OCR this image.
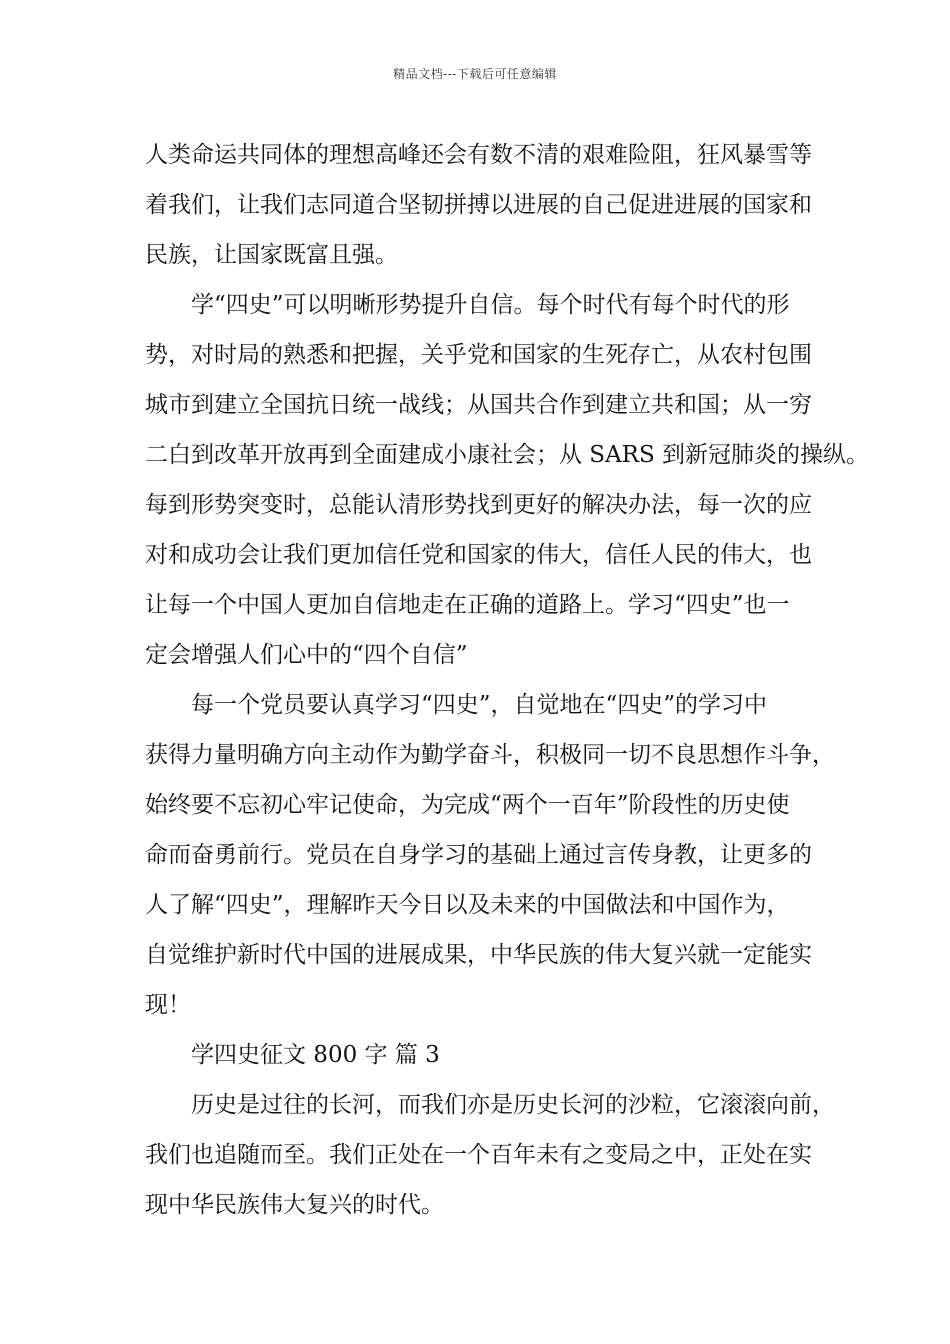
精品文档---下载后可任意编辑
人类命运共同体的理想高峰还会有数不清的艰难险阻，狂风暴雪等
着我们，让我们志同道合坚韧拼搏以进展的自己促进进展的国家和
民族，让国家既富且强。
学“四史”可以明晰形势提升自信。每个时代有每个时代的形
势，对时局的熟悉和把握，关乎党和国家的生死存亡，从农村包围
城市到建立全国抗日统一战线；从国共合作到建立共和国；从一穷
二白到改革开放再到全面建成小康社会；从 SARS 到新冠肺炎的操纵。
每到形势突变时，总能认清形势找到更好的解决办法，每一次的应
对和成功会让我们更加信任党和国家的伟大，信任人民的伟大，也
让每一个中国人更加自信地走在正确的道路上。学习“四史”也一
定会增强人们心中的“四个自信”
每一个党员要认真学习“四史”，自觉地在“四史”的学习中
获得力量明确方向主动作为勤学奋斗，积极同一切不良思想作斗争，
始终要不忘初心牢记使命，为完成“两个一百年”阶段性的历史使
命而奋勇前行。党员在自身学习的基础上通过言传身教，让更多的
人了解“四史”，理解昨天今日以及未来的中国做法和中国作为，
自觉维护新时代中国的进展成果，中华民族的伟大复兴就一定能实
现！
学四史征文 800 字 篇 3
历史是过往的长河，而我们亦是历史长河的沙粒，它滚滚向前，
我们也追随而至。我们正处在一个百年未有之变局之中，正处在实
现中华民族伟大复兴的时代。
